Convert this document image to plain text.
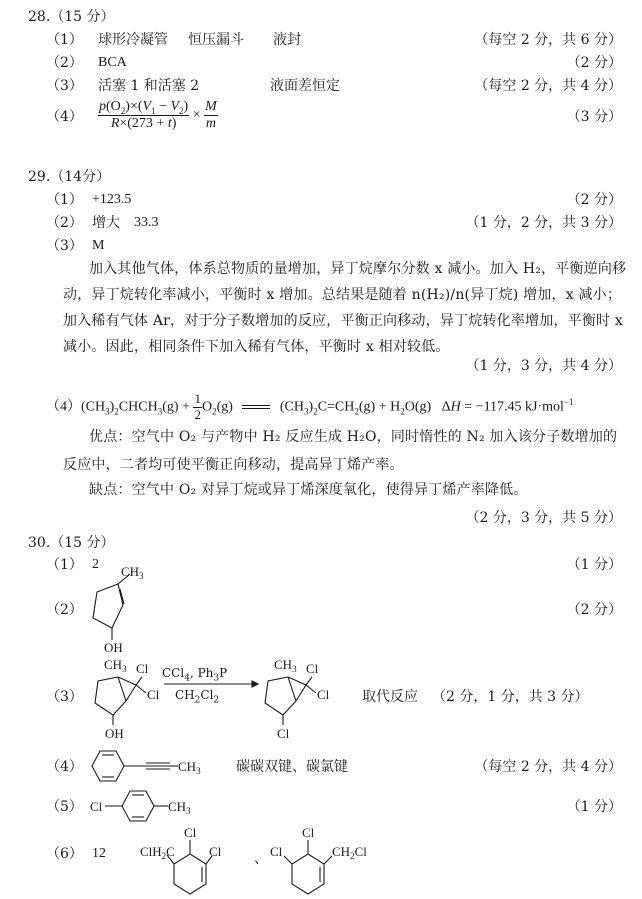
28.（15 分）
（1） 球形冷凝管 恒压漏斗 液封	（每空 2 分，共 6 分）
（2） BCA	（2 分）
（3） 活塞 1 和活塞 2	液面差恒定	（每空 2 分，共 4 分）
$(4) \frac{p(O_2)\times(V_1 - V_2)}{R\times(273 + t)} \times \frac{M}{m}$	（3 分）
29.（14分）
（1） +123.5	（2 分）
（2） 增大 33.3	（1 分，2 分，共 3 分）
（3） M
加入其他气体，体系总物质的量增加，异丁烷摩尔分数 x 减小。加入 H₂，平衡逆向移动，异丁烷转化率减小，平衡时 x 增加。总结果是随着 n(H₂)/n(异丁烷) 增加，x 减小；加入稀有气体 Ar，对于分子数增加的反应，平衡正向移动，异丁烷转化率增加，平衡时 x 减小。因此，相同条件下加入稀有气体，平衡时 x 相对较低。
（1 分，3 分，共 4 分）
$(4)(CH_3)_2CHCH_3(g) + \frac{1}{2} O_2(g)$	$(CH_3)_2C=CH_2(g) + H_2O(g) \Delta H = -117.45$ kJ·mol$^{-1}$
优点：空气中 O₂ 与产物中 H₂ 反应生成 H₂O，同时惰性的 N₂ 加入该分子数增加的反应中，二者均可使平衡正向移动，提高异丁烯产率。
缺点：空气中 O₂ 对异丁烷或异丁烯深度氧化，使得异丁烯产率降低。
（2 分，3 分，共 5 分）
30.（15 分）
（1） 2	（1 分）
（2）
$CH_3$
OH
（2 分）
（3）
$CH_3$ Cl
Cl
OH
CCl$_4$, $Ph_3P$
$CH_2Cl_2$
$CH_3$ Cl
Cl
Cl
取代反应 （2 分，1 分，共 3 分）
（4）	$CH_3$	碳碳双键、碳氯键	（每空 2 分，共 4 分）
（5） Cl	$CH_3$	（1 分）
（6） 12
Cl
ClH$_2$C	Cl 、
Cl
Cl	$CH_2Cl$
